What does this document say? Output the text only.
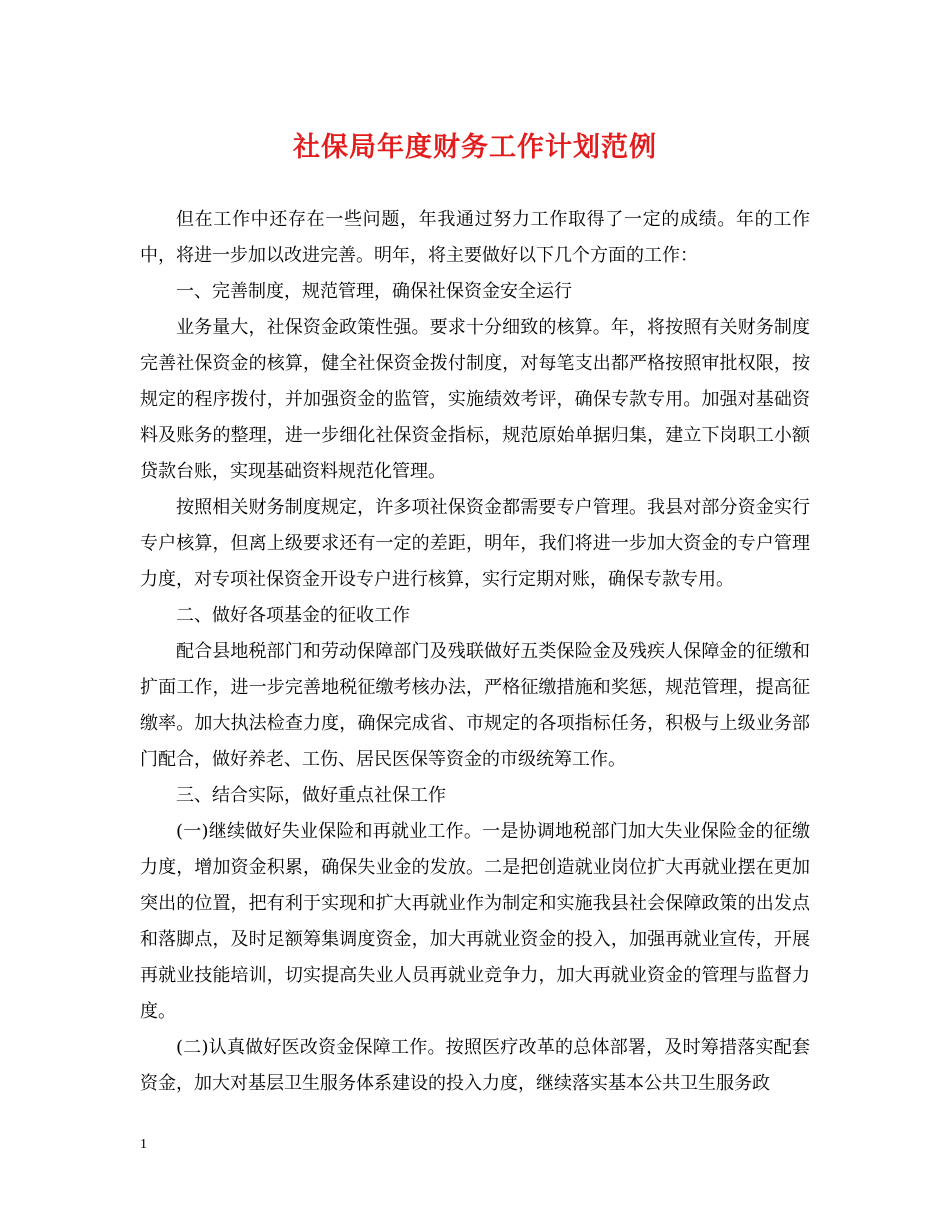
社保局年度财务工作计划范例

但在工作中还存在一些问题，年我通过努力工作取得了一定的成绩。年的工作中，将进一步加以改进完善。明年，将主要做好以下几个方面的工作：

一、完善制度，规范管理，确保社保资金安全运行

业务量大，社保资金政策性强。要求十分细致的核算。年，将按照有关财务制度完善社保资金的核算，健全社保资金拨付制度，对每笔支出都严格按照审批权限，按规定的程序拨付，并加强资金的监管，实施绩效考评，确保专款专用。加强对基础资料及账务的整理，进一步细化社保资金指标，规范原始单据归集，建立下岗职工小额贷款台账，实现基础资料规范化管理。

按照相关财务制度规定，许多项社保资金都需要专户管理。我县对部分资金实行专户核算，但离上级要求还有一定的差距，明年，我们将进一步加大资金的专户管理力度，对专项社保资金开设专户进行核算，实行定期对账，确保专款专用。

二、做好各项基金的征收工作

配合县地税部门和劳动保障部门及残联做好五类保险金及残疾人保障金的征缴和扩面工作，进一步完善地税征缴考核办法，严格征缴措施和奖惩，规范管理，提高征缴率。加大执法检查力度，确保完成省、市规定的各项指标任务，积极与上级业务部门配合，做好养老、工伤、居民医保等资金的市级统筹工作。

三、结合实际，做好重点社保工作

(一)继续做好失业保险和再就业工作。一是协调地税部门加大失业保险金的征缴力度，增加资金积累，确保失业金的发放。二是把创造就业岗位扩大再就业摆在更加突出的位置，把有利于实现和扩大再就业作为制定和实施我县社会保障政策的出发点和落脚点，及时足额筹集调度资金，加大再就业资金的投入，加强再就业宣传，开展再就业技能培训，切实提高失业人员再就业竞争力，加大再就业资金的管理与监督力度。

(二)认真做好医改资金保障工作。按照医疗改革的总体部署，及时筹措落实配套资金，加大对基层卫生服务体系建设的投入力度，继续落实基本公共卫生服务政

1
